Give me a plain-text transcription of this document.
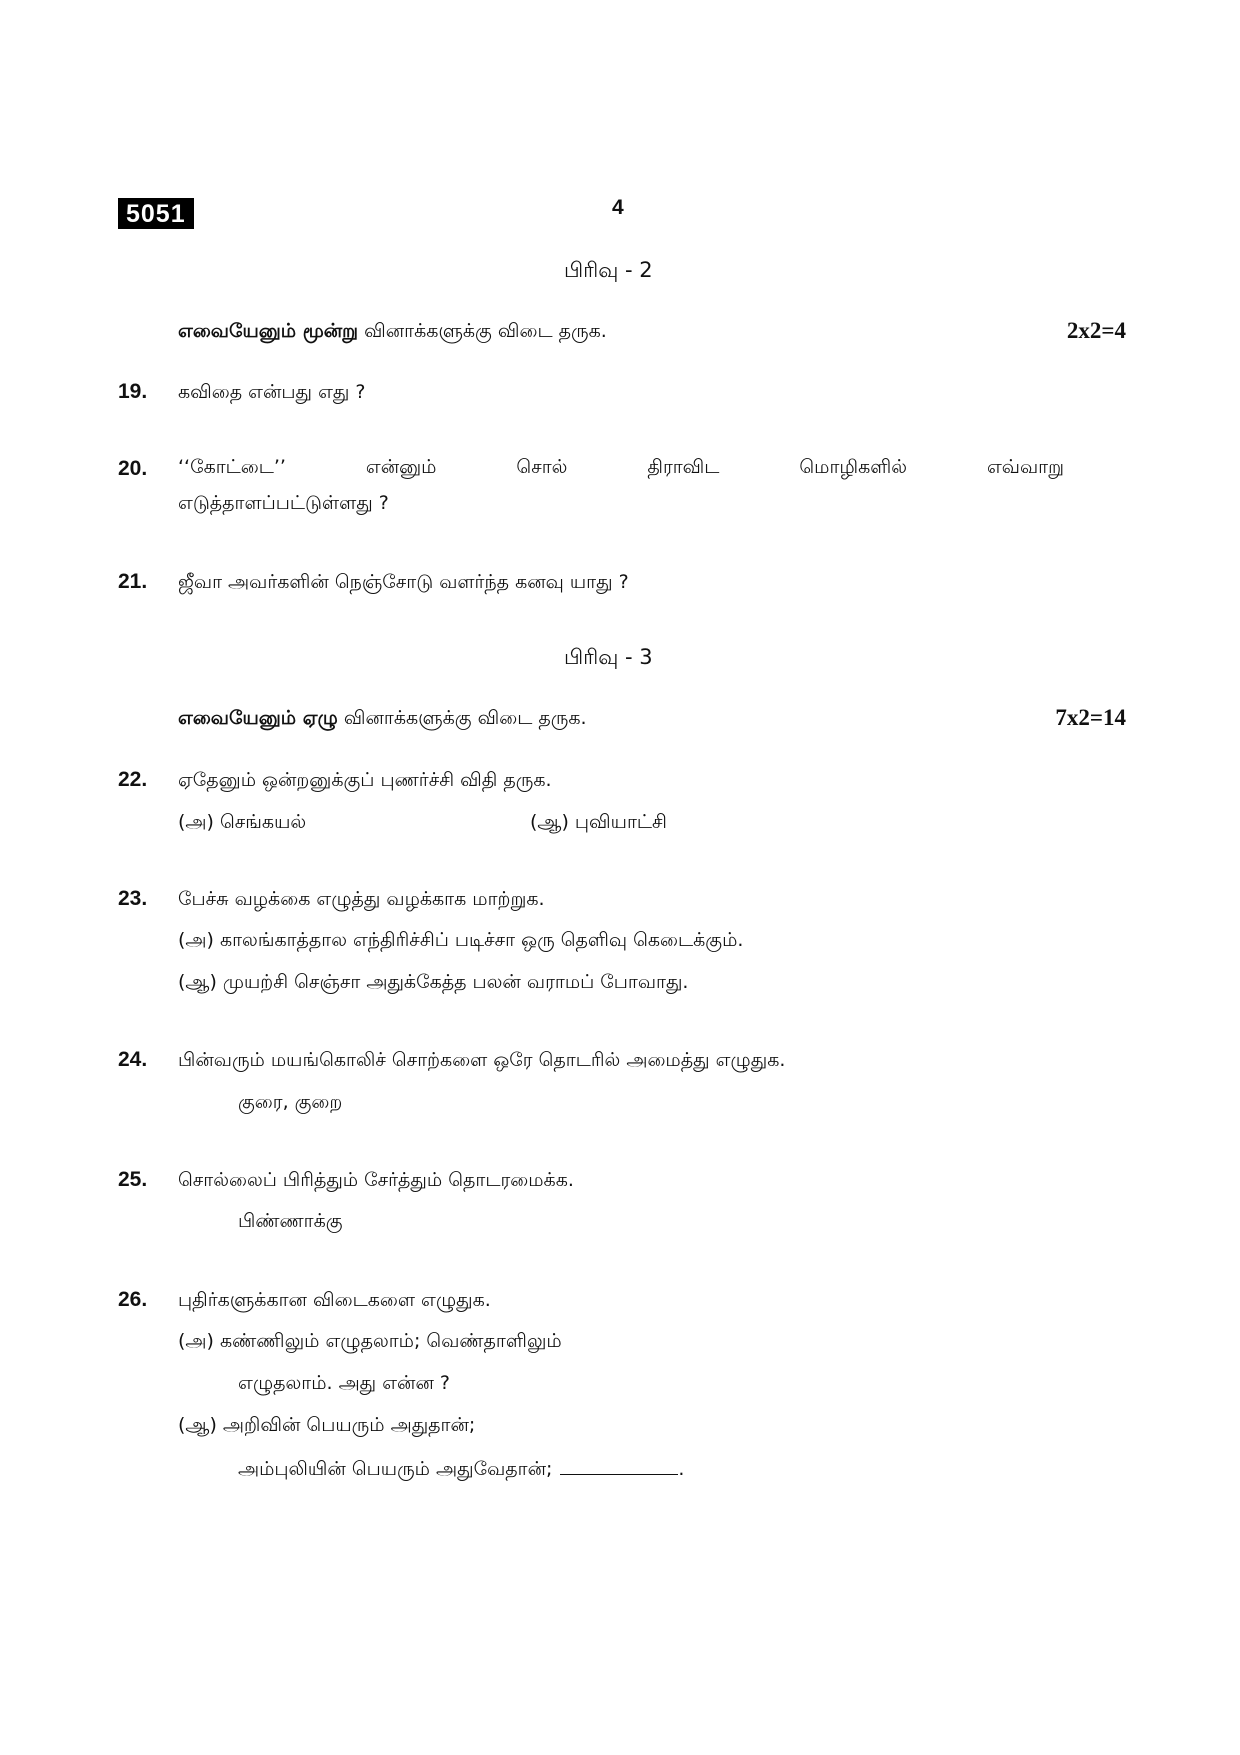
5051	4
பிரிவு - 2
எவையேனும் மூன்று வினாக்களுக்கு விடை தருக.	2x2=4
19. கவிதை என்பது எது ?
20. ‘‘கோட்டை’’	என்னும்	சொல்	திராவிட	மொழிகளில்	எவ்வாறு
எடுத்தாளப்பட்டுள்ளது ?
21. ஜீவா அவர்களின் நெஞ்சோடு வளர்ந்த கனவு யாது ?
பிரிவு - 3
எவையேனும் ஏழு வினாக்களுக்கு விடை தருக.	7x2=14
22. ஏதேனும் ஒன்றனுக்குப் புணர்ச்சி விதி தருக.
(அ) செங்கயல்	(ஆ) புவியாட்சி
23. பேச்சு வழக்கை எழுத்து வழக்காக மாற்றுக.
(அ) காலங்காத்தால எந்திரிச்சிப் படிச்சா ஒரு தெளிவு கெடைக்கும்.
(ஆ) முயற்சி செஞ்சா அதுக்கேத்த பலன் வராமப் போவாது.
24. பின்வரும் மயங்கொலிச் சொற்களை ஒரே தொடரில் அமைத்து எழுதுக.
குரை, குறை
25. சொல்லைப் பிரித்தும் சேர்த்தும் தொடரமைக்க.
பிண்ணாக்கு
26. புதிர்களுக்கான விடைகளை எழுதுக.
(அ) கண்ணிலும் எழுதலாம்; வெண்தாளிலும்
எழுதலாம். அது என்ன ?
(ஆ) அறிவின் பெயரும் அதுதான்;
அம்புலியின் பெயரும் அதுவேதான்;	.
